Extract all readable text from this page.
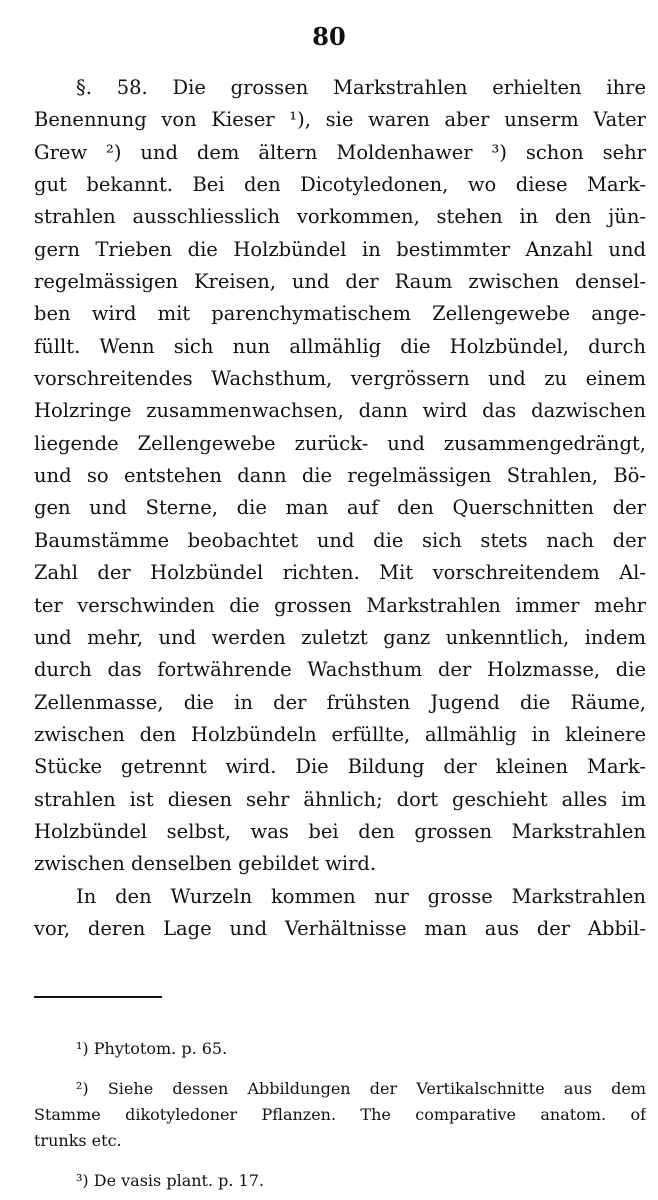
80
§. 58. Die grossen Markstrahlen erhielten ihre
Benennung von Kieser ¹), sie waren aber unserm Vater
Grew ²) und dem ältern Moldenhawer ³) schon sehr
gut bekannt. Bei den Dicotyledonen, wo diese Mark-
strahlen ausschliesslich vorkommen, stehen in den jün-
gern Trieben die Holzbündel in bestimmter Anzahl und
regelmässigen Kreisen, und der Raum zwischen densel-
ben wird mit parenchymatischem Zellengewebe ange-
füllt. Wenn sich nun allmählig die Holzbündel, durch
vorschreitendes Wachsthum, vergrössern und zu einem
Holzringe zusammenwachsen, dann wird das dazwischen
liegende Zellengewebe zurück- und zusammengedrängt,
und so entstehen dann die regelmässigen Strahlen, Bö-
gen und Sterne, die man auf den Querschnitten der
Baumstämme beobachtet und die sich stets nach der
Zahl der Holzbündel richten. Mit vorschreitendem Al-
ter verschwinden die grossen Markstrahlen immer mehr
und mehr, und werden zuletzt ganz unkenntlich, indem
durch das fortwährende Wachsthum der Holzmasse, die
Zellenmasse, die in der frühsten Jugend die Räume,
zwischen den Holzbündeln erfüllte, allmählig in kleinere
Stücke getrennt wird. Die Bildung der kleinen Mark-
strahlen ist diesen sehr ähnlich; dort geschieht alles im
Holzbündel selbst, was bei den grossen Markstrahlen
zwischen denselben gebildet wird.
In den Wurzeln kommen nur grosse Markstrahlen
vor, deren Lage und Verhältnisse man aus der Abbil-
¹) Phytotom. p. 65.
²) Siehe dessen Abbildungen der Vertikalschnitte aus dem
Stamme dikotyledoner Pflanzen. The comparative anatom. of
trunks etc.
³) De vasis plant. p. 17.
